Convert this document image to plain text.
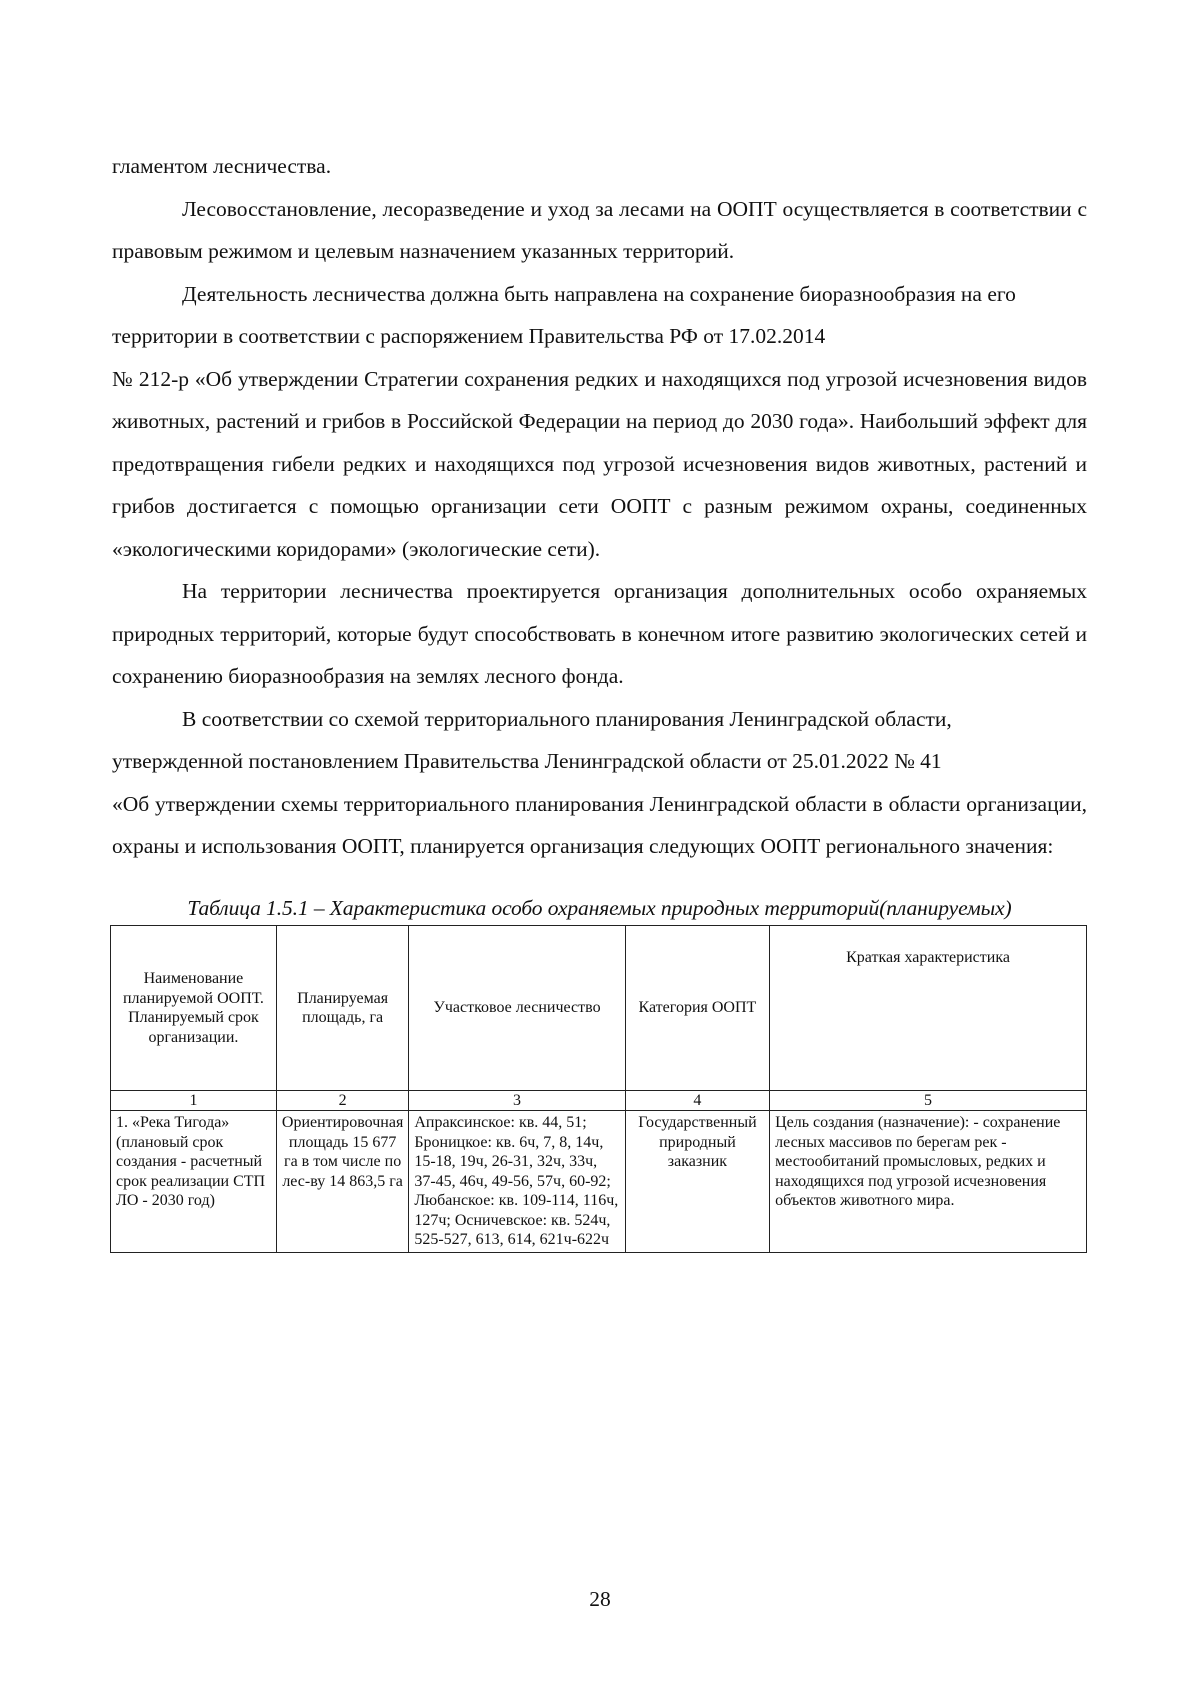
гламентом лесничества.

Лесовосстановление, лесоразведение и уход за лесами на ООПТ осуществляется в соответствии с правовым режимом и целевым назначением указанных территорий.

Деятельность лесничества должна быть направлена на сохранение биоразнообразия на его территории в соответствии с распоряжением Правительства РФ от 17.02.2014

№ 212-р «Об утверждении Стратегии сохранения редких и находящихся под угрозой исчезновения видов животных, растений и грибов в Российской Федерации на период до 2030 года». Наибольший эффект для предотвращения гибели редких и находящихся под угрозой исчезновения видов животных, растений и грибов достигается с помощью организации сети ООПТ с разным режимом охраны, соединенных «экологическими коридорами» (экологические сети).

На территории лесничества проектируется организация дополнительных особо охраняемых природных территорий, которые будут способствовать в конечном итоге развитию экологических сетей и сохранению биоразнообразия на землях лесного фонда.

В соответствии со схемой территориального планирования Ленинградской области, утвержденной постановлением Правительства Ленинградской области от 25.01.2022 № 41

«Об утверждении схемы территориального планирования Ленинградской области в области организации, охраны и использования ООПТ, планируется организация следующих ООПТ регионального значения:

Таблица 1.5.1 – Характеристика особо охраняемых природных территорий(планируемых)
Наименование планируемой ООПТ. Планируемый срок организации.	Планируемая площадь, га	Участковое лесничество	Категория ООПТ	Краткая характеристика
1	2	3	4	5
1. «Река Тигода» (плановый срок создания - расчетный срок реализации СТП ЛО - 2030 год)	Ориентировочная площадь 15 677 га в том числе по лес-ву 14 863,5 га	Апраксинское: кв. 44, 51; Броницкое: кв. 6ч, 7, 8, 14ч, 15-18, 19ч, 26-31, 32ч, 33ч, 37-45, 46ч, 49-56, 57ч, 60-92; Любанское: кв. 109-114, 116ч, 127ч; Осничевское: кв. 524ч, 525-527, 613, 614, 621ч-622ч	Государственный природный заказник	Цель создания (назначение): - сохранение лесных массивов по берегам рек - местообитаний промысловых, редких и находящихся под угрозой исчезновения объектов животного мира.
28
